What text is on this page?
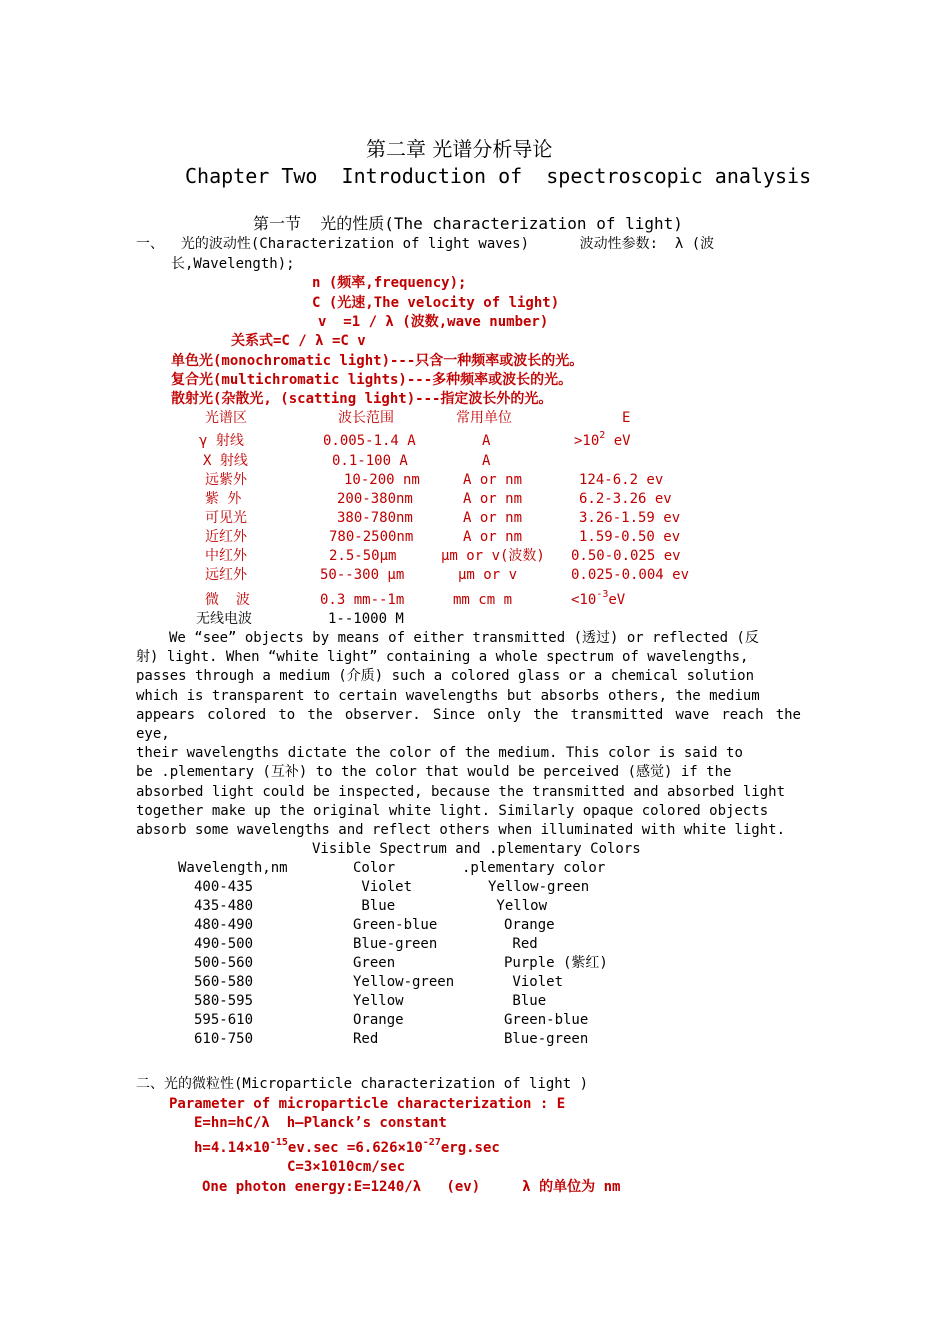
第二章 光谱分析导论
Chapter Two  Introduction of  spectroscopic analysis
第一节  光的性质(The characterization of light)
一、  光的波动性(Characterization of light waves)      波动性参数:  λ (波
长,Wavelength);
n (频率,frequency);
C (光速,The velocity of light)
v  =1 / λ (波数,wave number)
关系式=C / λ =C v
单色光(monochromatic light)---只含一种频率或波长的光。
复合光(multichromatic lights)---多种频率或波长的光。
散射光(杂散光, (scatting light)---指定波长外的光。
光谱区	波长范围	常用单位	E
γ 射线	0.005-1.4 A	A	$>10^2$ eV
X 射线	0.1-100 A	A
远紫外	10-200 nm	A or nm	124-6.2 ev
紫 外	200-380nm	A or nm	6.2-3.26 ev
可见光	380-780nm	A or nm	3.26-1.59 ev
近红外	780-2500nm	A or nm	1.59-0.50 ev
中红外	2.5-50μm	μm or v(波数) 0.50-0.025 ev
远红外	50--300 μm	μm or v	0.025-0.004 ev
微  波	0.3 mm--1m	mm cm m	$<10^{-3}eV$
无线电波	1--1000 M
We “see” objects by means of either transmitted (透过) or reflected (反
射) light. When “white light” containing a whole spectrum of wavelengths,
passes through a medium (介质) such a colored glass or a chemical solution
which is transparent to certain wavelengths but absorbs others, the medium
appears colored to the observer. Since only the transmitted wave reach the eye,
their wavelengths dictate the color of the medium. This color is said to
be .plementary (互补) to the color that would be perceived (感觉) if the
absorbed light could be inspected, because the transmitted and absorbed light
together make up the original white light. Similarly opaque colored objects
absorb some wavelengths and reflect others when illuminated with white light.
Visible Spectrum and .plementary Colors
Wavelength,nm	Color	.plementary color
400-435	Violet	Yellow-green
435-480	Blue	Yellow
480-490	Green-blue	Orange
490-500	Blue-green	Red
500-560	Green	Purple (紫红)
560-580	Yellow-green	Violet
580-595	Yellow	Blue
595-610	Orange	Green-blue
610-750	Red	Blue-green
二、光的微粒性(Microparticle characterization of light )
Parameter of microparticle characterization : E
E=hn=hC/λ  h—Planck’s constant
$h=4.14\times 10^{-15}ev.\sec =6.626\times 10^{-27}erg.\sec$
C=3×1010cm/sec
One photon energy:E=1240/λ   (ev)     λ 的单位为 nm
